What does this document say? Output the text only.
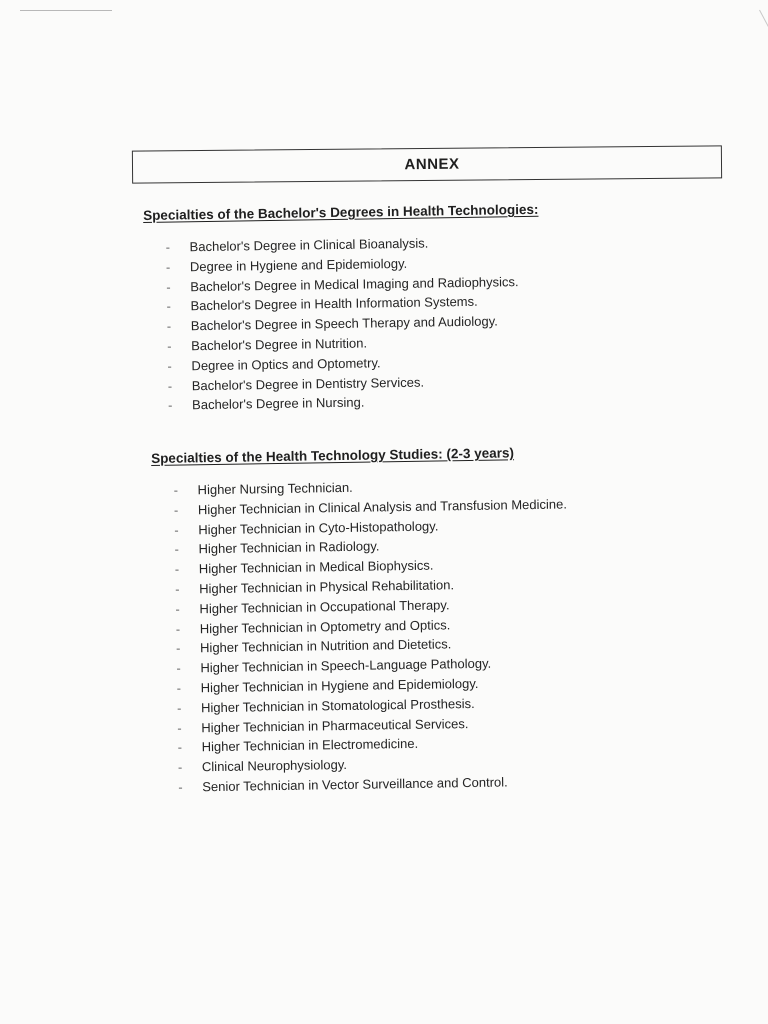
ANNEX
Specialties of the Bachelor's Degrees in Health Technologies:
-	Bachelor's Degree in Clinical Bioanalysis.
-	Degree in Hygiene and Epidemiology.
-	Bachelor's Degree in Medical Imaging and Radiophysics.
-	Bachelor's Degree in Health Information Systems.
-	Bachelor's Degree in Speech Therapy and Audiology.
-	Bachelor's Degree in Nutrition.
-	Degree in Optics and Optometry.
-	Bachelor's Degree in Dentistry Services.
-	Bachelor's Degree in Nursing.
Specialties of the Health Technology Studies: (2-3 years)
-	Higher Nursing Technician.
-	Higher Technician in Clinical Analysis and Transfusion Medicine.
-	Higher Technician in Cyto-Histopathology.
-	Higher Technician in Radiology.
-	Higher Technician in Medical Biophysics.
-	Higher Technician in Physical Rehabilitation.
-	Higher Technician in Occupational Therapy.
-	Higher Technician in Optometry and Optics.
-	Higher Technician in Nutrition and Dietetics.
-	Higher Technician in Speech-Language Pathology.
-	Higher Technician in Hygiene and Epidemiology.
-	Higher Technician in Stomatological Prosthesis.
-	Higher Technician in Pharmaceutical Services.
-	Higher Technician in Electromedicine.
-	Clinical Neurophysiology.
-	Senior Technician in Vector Surveillance and Control.
